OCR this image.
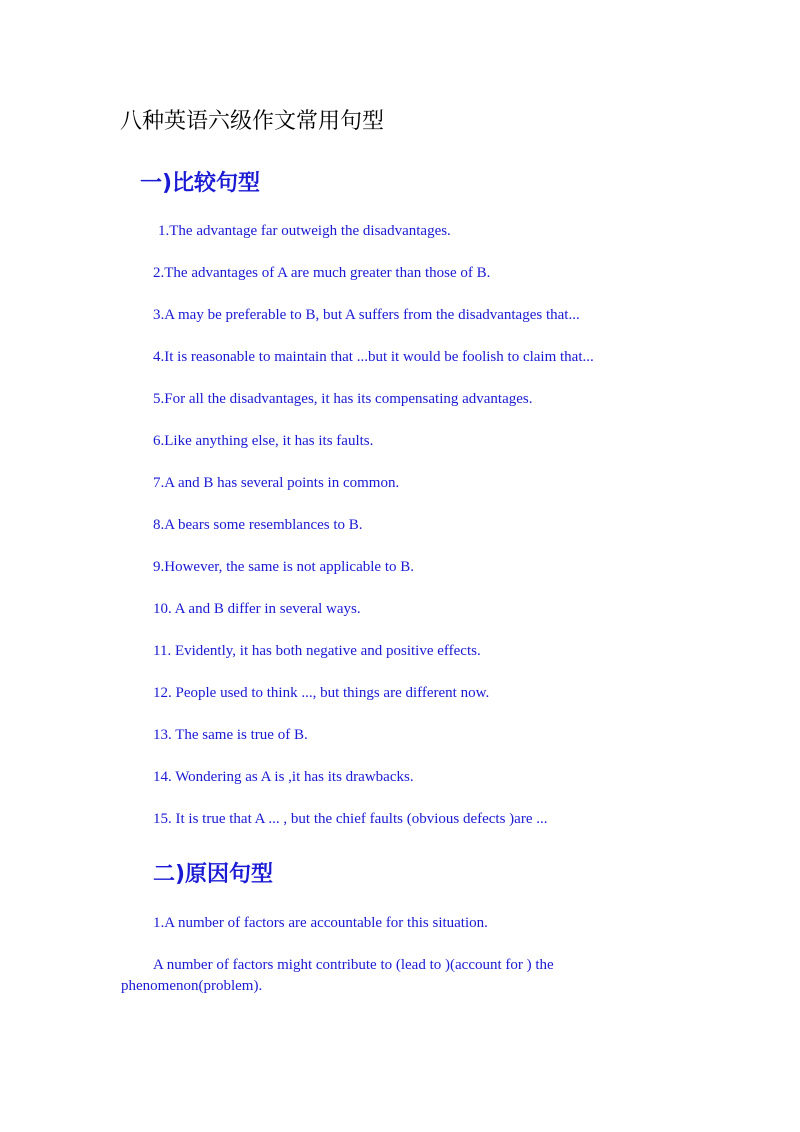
八种英语六级作文常用句型
一)比较句型
1.The advantage far outweigh the disadvantages.
2.The advantages of A are much greater than those of B.
3.A may be preferable to B, but A suffers from the disadvantages that...
4.It is reasonable to maintain that ...but it would be foolish to claim that...
5.For all the disadvantages, it has its compensating advantages.
6.Like anything else, it has its faults.
7.A and B has several points in common.
8.A bears some resemblances to B.
9.However, the same is not applicable to B.
10. A and B differ in several ways.
11. Evidently, it has both negative and positive effects.
12. People used to think ..., but things are different now.
13. The same is true of B.
14. Wondering as A is ,it has its drawbacks.
15. It is true that A ... , but the chief faults (obvious defects )are ...
二)原因句型
1.A number of factors are accountable for this situation.
A number of factors might contribute to (lead to )(account for ) the phenomenon(problem).
